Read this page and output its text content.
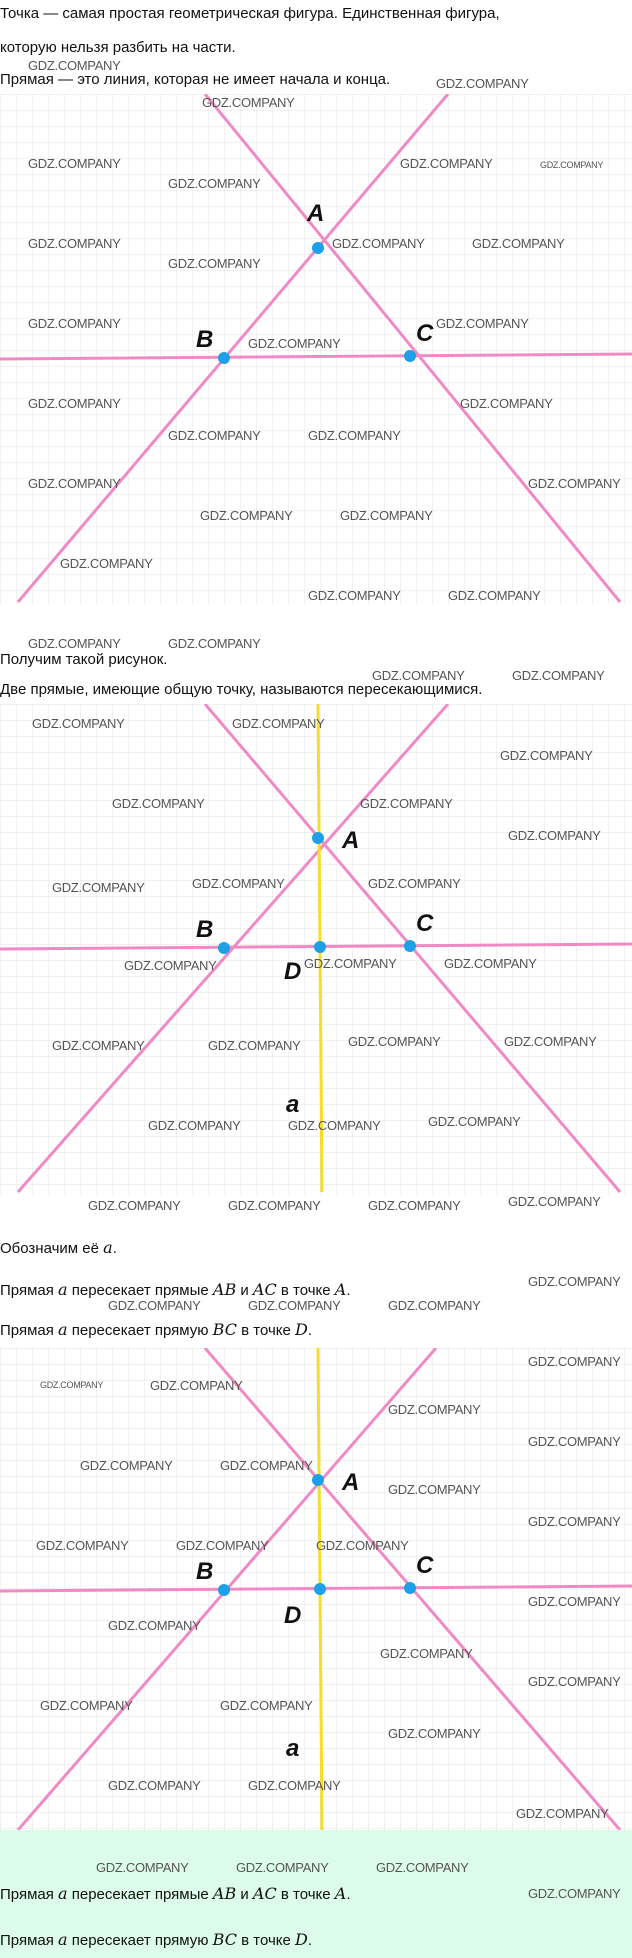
Точка — самая простая геометрическая фигура. Единственная фигура,
которую нельзя разбить на части.
Прямая — это линия, которая не имеет начала и конца.
A
B	C
Получим такой рисунок.
Две прямые, имеющие общую точку, называются пересекающимися.
A
B	C
D
a
Обозначим её a.
Прямая a пересекает прямые AB и AC в точке A.
Прямая a пересекает прямую BC в точке D.
A
B	C
D
a
Прямая a пересекает прямые AB и AC в точке A.
Прямая a пересекает прямую BC в точке D.
GDZ.COMPANY
GDZ.COMPANY
GDZ.COMPANY
GDZ.COMPANY	GDZ.COMPANY	GDZ.COMPANY
GDZ.COMPANY
GDZ.COMPANY	GDZ.COMPANY	GDZ.COMPANY
GDZ.COMPANY
GDZ.COMPANY	GDZ.COMPANY
GDZ.COMPANY
GDZ.COMPANY	GDZ.COMPANY
GDZ.COMPANY	GDZ.COMPANY
GDZ.COMPANY	GDZ.COMPANY
GDZ.COMPANY	GDZ.COMPANY
GDZ.COMPANY
GDZ.COMPANY	GDZ.COMPANY
GDZ.COMPANY	GDZ.COMPANY
GDZ.COMPANY	GDZ.COMPANY
GDZ.COMPANY	GDZ.COMPANY
GDZ.COMPANY
GDZ.COMPANY	GDZ.COMPANY
GDZ.COMPANY
GDZ.COMPANY	GDZ.COMPANY	GDZ.COMPANY
GDZ.COMPANY	GDZ.COMPANY	GDZ.COMPANY
GDZ.COMPANY	GDZ.COMPANY	GDZ.COMPANY	GDZ.COMPANY
GDZ.COMPANY	GDZ.COMPANY	GDZ.COMPANY
GDZ.COMPANY	GDZ.COMPANY	GDZ.COMPANY	GDZ.COMPANY
GDZ.COMPANY	GDZ.COMPANY	GDZ.COMPANY
GDZ.COMPANY
GDZ.COMPANY
GDZ.COMPANY	GDZ.COMPANY
GDZ.COMPANY
GDZ.COMPANY
GDZ.COMPANY	GDZ.COMPANY
GDZ.COMPANY
GDZ.COMPANY
GDZ.COMPANY	GDZ.COMPANY	GDZ.COMPANY
GDZ.COMPANY
GDZ.COMPANY
GDZ.COMPANY
GDZ.COMPANY
GDZ.COMPANY	GDZ.COMPANY
GDZ.COMPANY
GDZ.COMPANY	GDZ.COMPANY
GDZ.COMPANY
GDZ.COMPANY	GDZ.COMPANY	GDZ.COMPANY
GDZ.COMPANY
